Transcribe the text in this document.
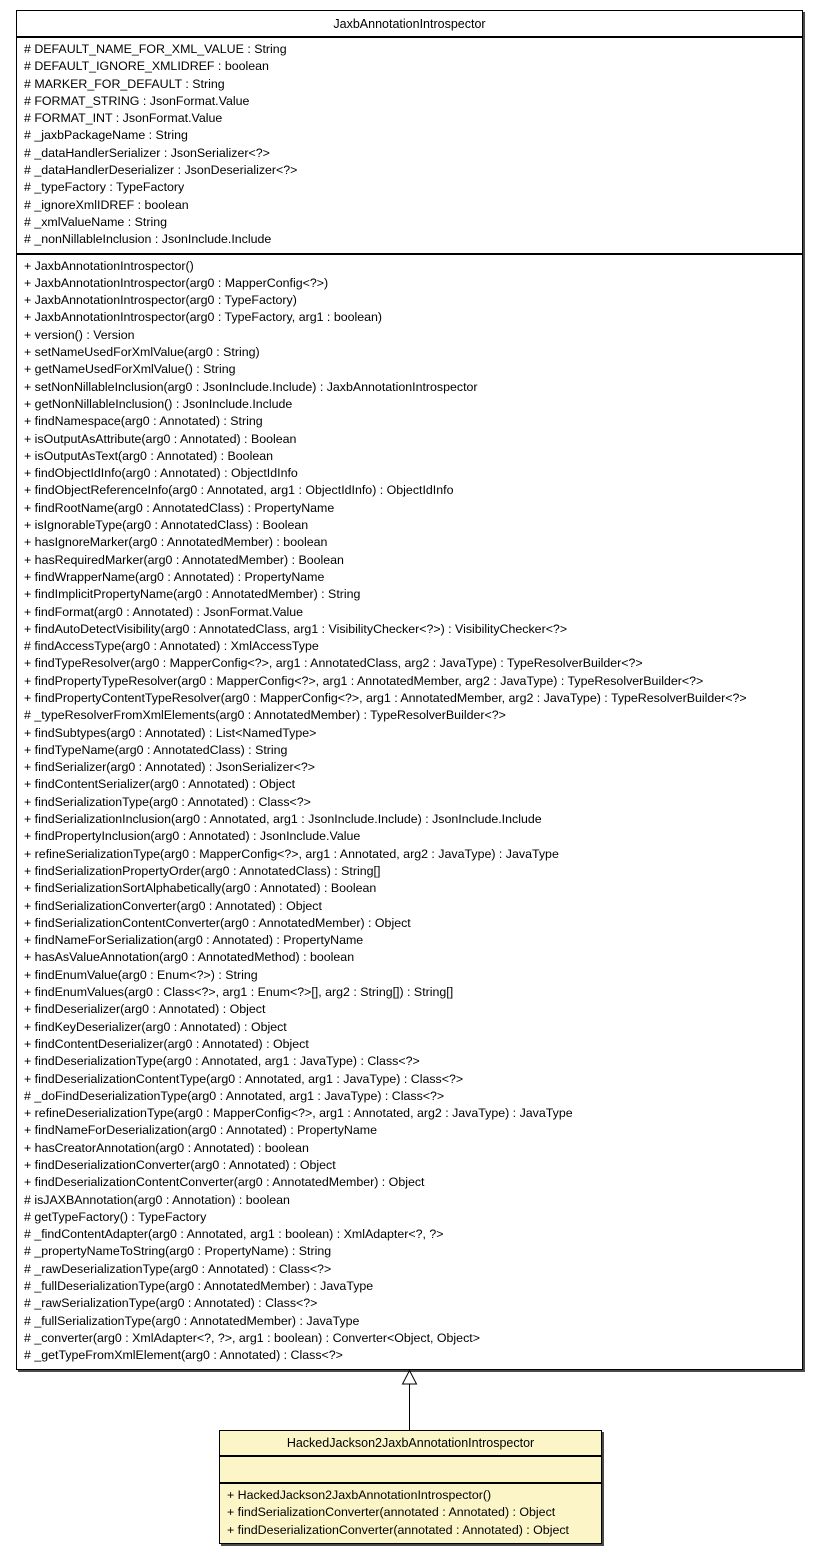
JaxbAnnotationIntrospector
# DEFAULT_NAME_FOR_XML_VALUE : String
# DEFAULT_IGNORE_XMLIDREF : boolean
# MARKER_FOR_DEFAULT : String
# FORMAT_STRING : JsonFormat.Value
# FORMAT_INT : JsonFormat.Value
# _jaxbPackageName : String
# _dataHandlerSerializer : JsonSerializer<?>
# _dataHandlerDeserializer : JsonDeserializer<?>
# _typeFactory : TypeFactory
# _ignoreXmlIDREF : boolean
# _xmlValueName : String
# _nonNillableInclusion : JsonInclude.Include
+ JaxbAnnotationIntrospector()
+ JaxbAnnotationIntrospector(arg0 : MapperConfig<?>)
+ JaxbAnnotationIntrospector(arg0 : TypeFactory)
+ JaxbAnnotationIntrospector(arg0 : TypeFactory, arg1 : boolean)
+ version() : Version
+ setNameUsedForXmlValue(arg0 : String)
+ getNameUsedForXmlValue() : String
+ setNonNillableInclusion(arg0 : JsonInclude.Include) : JaxbAnnotationIntrospector
+ getNonNillableInclusion() : JsonInclude.Include
+ findNamespace(arg0 : Annotated) : String
+ isOutputAsAttribute(arg0 : Annotated) : Boolean
+ isOutputAsText(arg0 : Annotated) : Boolean
+ findObjectIdInfo(arg0 : Annotated) : ObjectIdInfo
+ findObjectReferenceInfo(arg0 : Annotated, arg1 : ObjectIdInfo) : ObjectIdInfo
+ findRootName(arg0 : AnnotatedClass) : PropertyName
+ isIgnorableType(arg0 : AnnotatedClass) : Boolean
+ hasIgnoreMarker(arg0 : AnnotatedMember) : boolean
+ hasRequiredMarker(arg0 : AnnotatedMember) : Boolean
+ findWrapperName(arg0 : Annotated) : PropertyName
+ findImplicitPropertyName(arg0 : AnnotatedMember) : String
+ findFormat(arg0 : Annotated) : JsonFormat.Value
+ findAutoDetectVisibility(arg0 : AnnotatedClass, arg1 : VisibilityChecker<?>) : VisibilityChecker<?>
# findAccessType(arg0 : Annotated) : XmlAccessType
+ findTypeResolver(arg0 : MapperConfig<?>, arg1 : AnnotatedClass, arg2 : JavaType) : TypeResolverBuilder<?>
+ findPropertyTypeResolver(arg0 : MapperConfig<?>, arg1 : AnnotatedMember, arg2 : JavaType) : TypeResolverBuilder<?>
+ findPropertyContentTypeResolver(arg0 : MapperConfig<?>, arg1 : AnnotatedMember, arg2 : JavaType) : TypeResolverBuilder<?>
# _typeResolverFromXmlElements(arg0 : AnnotatedMember) : TypeResolverBuilder<?>
+ findSubtypes(arg0 : Annotated) : List<NamedType>
+ findTypeName(arg0 : AnnotatedClass) : String
+ findSerializer(arg0 : Annotated) : JsonSerializer<?>
+ findContentSerializer(arg0 : Annotated) : Object
+ findSerializationType(arg0 : Annotated) : Class<?>
+ findSerializationInclusion(arg0 : Annotated, arg1 : JsonInclude.Include) : JsonInclude.Include
+ findPropertyInclusion(arg0 : Annotated) : JsonInclude.Value
+ refineSerializationType(arg0 : MapperConfig<?>, arg1 : Annotated, arg2 : JavaType) : JavaType
+ findSerializationPropertyOrder(arg0 : AnnotatedClass) : String[]
+ findSerializationSortAlphabetically(arg0 : Annotated) : Boolean
+ findSerializationConverter(arg0 : Annotated) : Object
+ findSerializationContentConverter(arg0 : AnnotatedMember) : Object
+ findNameForSerialization(arg0 : Annotated) : PropertyName
+ hasAsValueAnnotation(arg0 : AnnotatedMethod) : boolean
+ findEnumValue(arg0 : Enum<?>) : String
+ findEnumValues(arg0 : Class<?>, arg1 : Enum<?>[], arg2 : String[]) : String[]
+ findDeserializer(arg0 : Annotated) : Object
+ findKeyDeserializer(arg0 : Annotated) : Object
+ findContentDeserializer(arg0 : Annotated) : Object
+ findDeserializationType(arg0 : Annotated, arg1 : JavaType) : Class<?>
+ findDeserializationContentType(arg0 : Annotated, arg1 : JavaType) : Class<?>
# _doFindDeserializationType(arg0 : Annotated, arg1 : JavaType) : Class<?>
+ refineDeserializationType(arg0 : MapperConfig<?>, arg1 : Annotated, arg2 : JavaType) : JavaType
+ findNameForDeserialization(arg0 : Annotated) : PropertyName
+ hasCreatorAnnotation(arg0 : Annotated) : boolean
+ findDeserializationConverter(arg0 : Annotated) : Object
+ findDeserializationContentConverter(arg0 : AnnotatedMember) : Object
# isJAXBAnnotation(arg0 : Annotation) : boolean
# getTypeFactory() : TypeFactory
# _findContentAdapter(arg0 : Annotated, arg1 : boolean) : XmlAdapter<?, ?>
# _propertyNameToString(arg0 : PropertyName) : String
# _rawDeserializationType(arg0 : Annotated) : Class<?>
# _fullDeserializationType(arg0 : AnnotatedMember) : JavaType
# _rawSerializationType(arg0 : Annotated) : Class<?>
# _fullSerializationType(arg0 : AnnotatedMember) : JavaType
# _converter(arg0 : XmlAdapter<?, ?>, arg1 : boolean) : Converter<Object, Object>
# _getTypeFromXmlElement(arg0 : Annotated) : Class<?>
HackedJackson2JaxbAnnotationIntrospector
+ HackedJackson2JaxbAnnotationIntrospector()
+ findSerializationConverter(annotated : Annotated) : Object
+ findDeserializationConverter(annotated : Annotated) : Object
